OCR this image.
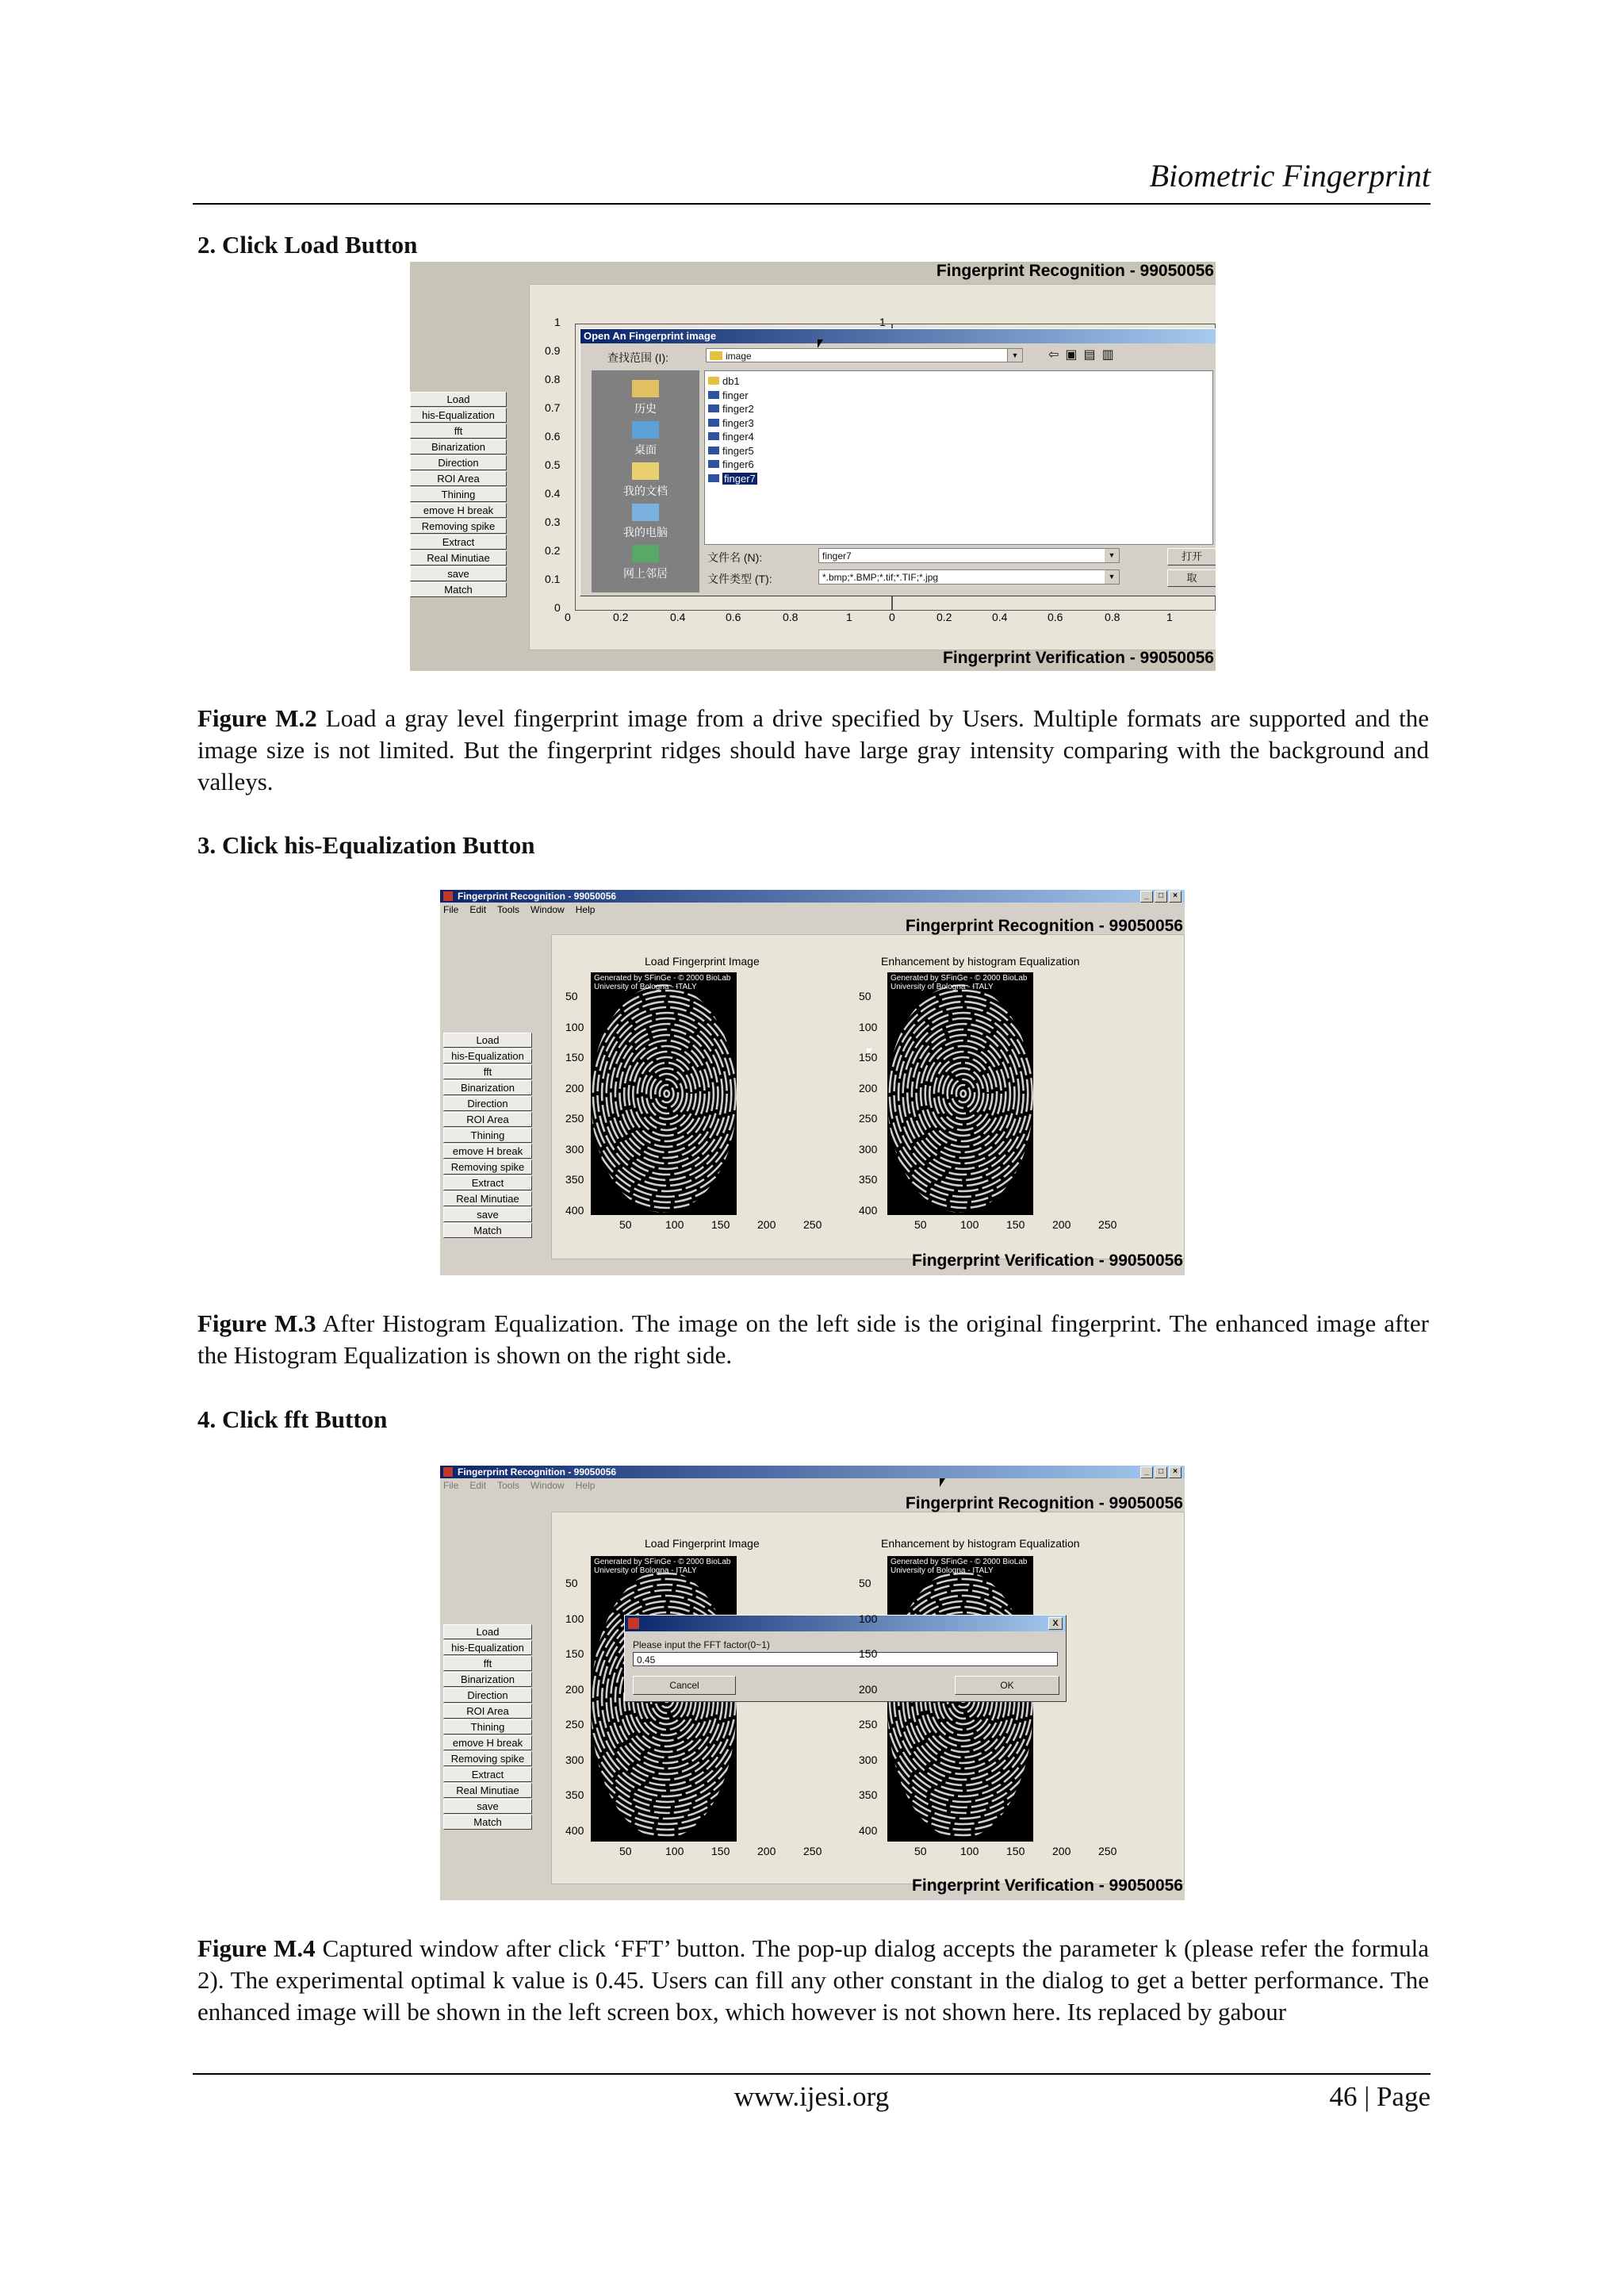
Biometric Fingerprint
2. Click Load Button
Fingerprint Recognition - 99050056
Fingerprint Verification - 99050056
Load
his-Equalization
fft
Binarization
Direction
ROI Area
Thining
emove H break
Removing spike
Extract
Real Minutiae
save
Match
1
0.9
0.8
0.7
0.6
0.5
0.4
0.3
0.2
0.1
0
0	0.2	0.4	0.6	0.8	1	0	0.2	0.4	0.6	0.8	1
1
Open An Fingerprint image
查找范围 (I):	image	▼ ⇦▣▤▥
历史
桌面
我的文档
我的电脑
网上邻居
db1
finger
finger2
finger3
finger4
finger5
finger6
finger7
文件名 (N):	finger7	▼
文件类型 (T):	*.bmp;*.BMP;*.tif;*.TIF;*.jpg	▼
打开
取
Figure M.2 Load a gray level fingerprint image from a drive specified by Users. Multiple formats are supported and the image size is not limited. But the fingerprint ridges should have large gray intensity comparing with the background and valleys.
3. Click his-Equalization Button
Fingerprint Recognition - 99050056	_	□	×
File Edit Tools Window Help
Fingerprint Recognition - 99050056
Fingerprint Verification - 99050056
Load
his-Equalization
fft
Binarization
Direction
ROI Area
Thining
emove H break
Removing spike
Extract
Real Minutiae
save
Match
Load Fingerprint Image	Enhancement by histogram Equalization
Generated by SFinGe - © 2000 BioLab
University of Bologna - ITALY
Generated by SFinGe - © 2000 BioLab
University of Bologna - ITALY
50
100
150
200
250
300
350
400
50
100
150
200
250
300
350
400
50	100 150 200 250	50	100 150 200 250
Figure M.3 After Histogram Equalization. The image on the left side is the original fingerprint. The enhanced image after the Histogram Equalization is shown on the right side.
4. Click fft Button
Fingerprint Recognition - 99050056	_	□	×
File Edit Tools Window Help
Fingerprint Recognition - 99050056
Fingerprint Verification - 99050056
Load
his-Equalization
fft
Binarization
Direction
ROI Area
Thining
emove H break
Removing spike
Extract
Real Minutiae
save
Match
Load Fingerprint Image	Enhancement by histogram Equalization
Generated by SFinGe - © 2000 BioLab
University of Bologna - ITALY
Generated by SFinGe - © 2000 BioLab
University of Bologna - ITALY
X
Please input the FFT factor(0~1)
0.45
Cancel	OK
50
100
150
200
250
300
350
400
50
100
150
200
250
300
350
400
50	100 150 200 250	50	100 150 200 250
Figure M.4 Captured window after click ‘FFT’ button. The pop-up dialog accepts the parameter k (please refer the formula 2). The experimental optimal k value is 0.45. Users can fill any other constant in the dialog to get a better performance. The enhanced image will be shown in the left screen box, which however is not shown here. Its replaced by gabour
www.ijesi.org	46 | Page
